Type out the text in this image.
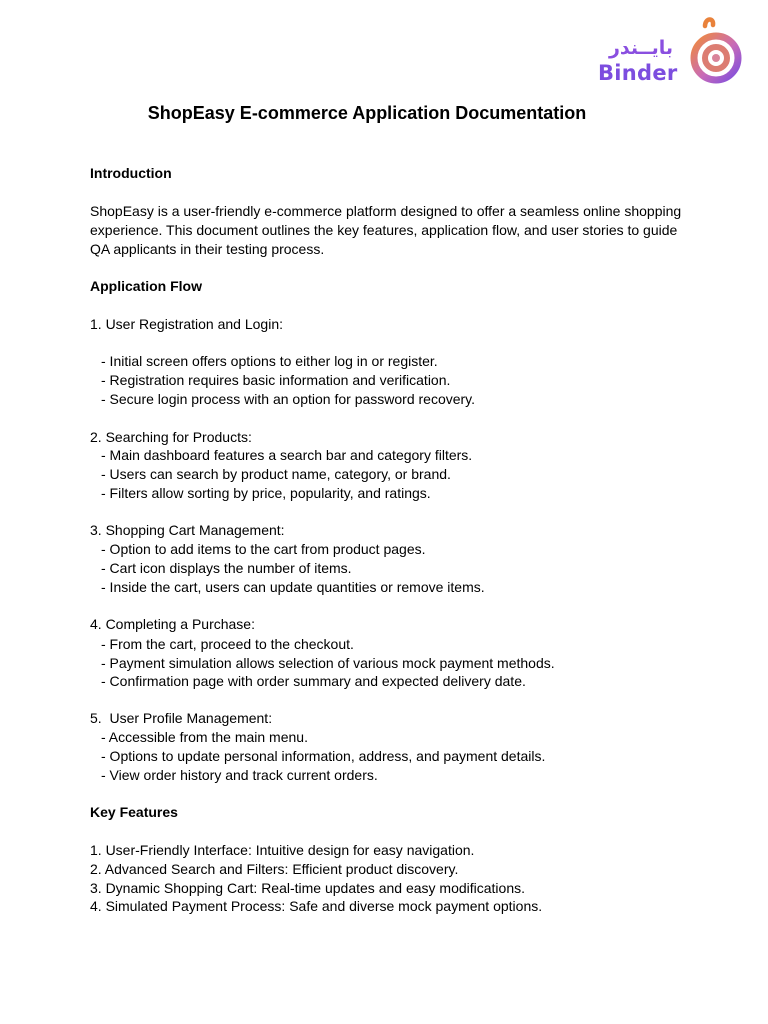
بايــندر
Binder
ShopEasy E-commerce Application Documentation

Introduction

ShopEasy is a user-friendly e-commerce platform designed to offer a seamless online shopping

experience. This document outlines the key features, application flow, and user stories to guide

QA applicants in their testing process.

Application Flow

1. User Registration and Login:

- Initial screen offers options to either log in or register.

- Registration requires basic information and verification.

- Secure login process with an option for password recovery.

2. Searching for Products:

- Main dashboard features a search bar and category filters.

- Users can search by product name, category, or brand.

- Filters allow sorting by price, popularity, and ratings.

3. Shopping Cart Management:

- Option to add items to the cart from product pages.

- Cart icon displays the number of items.

- Inside the cart, users can update quantities or remove items.

4. Completing a Purchase:

- From the cart, proceed to the checkout.

- Payment simulation allows selection of various mock payment methods.

- Confirmation page with order summary and expected delivery date.

5.  User Profile Management:

- Accessible from the main menu.

- Options to update personal information, address, and payment details.

- View order history and track current orders.

Key Features

1. User-Friendly Interface: Intuitive design for easy navigation.

2. Advanced Search and Filters: Efficient product discovery.

3. Dynamic Shopping Cart: Real-time updates and easy modifications.

4. Simulated Payment Process: Safe and diverse mock payment options.
